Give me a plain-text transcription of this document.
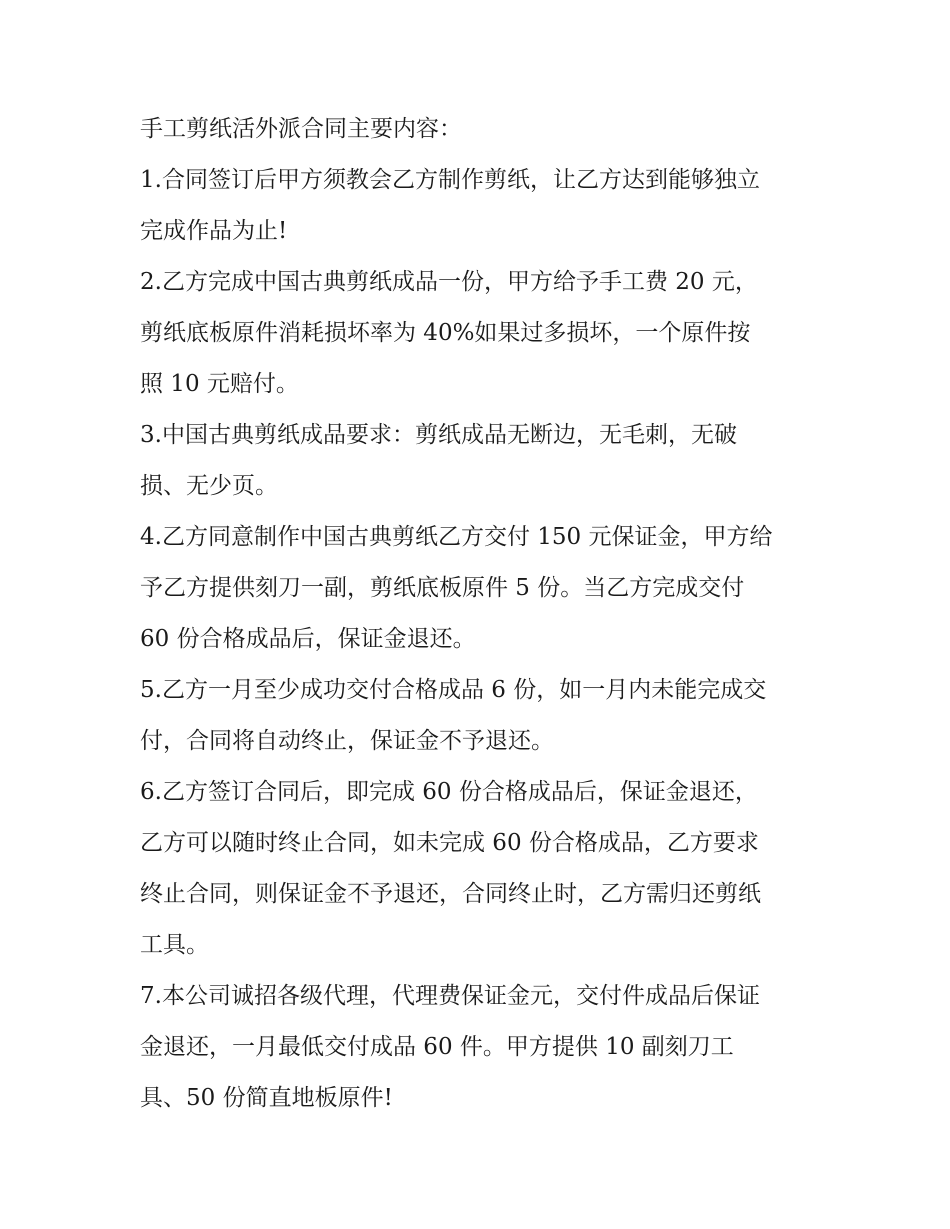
手工剪纸活外派合同主要内容：
1.合同签订后甲方须教会乙方制作剪纸，让乙方达到能够独立
完成作品为止!
2.乙方完成中国古典剪纸成品一份，甲方给予手工费 20 元，
剪纸底板原件消耗损坏率为 40%如果过多损坏，一个原件按
照 10 元赔付。
3.中国古典剪纸成品要求：剪纸成品无断边，无毛刺，无破
损、无少页。
4.乙方同意制作中国古典剪纸乙方交付 150 元保证金，甲方给
予乙方提供刻刀一副，剪纸底板原件 5 份。当乙方完成交付
60 份合格成品后，保证金退还。
5.乙方一月至少成功交付合格成品 6 份，如一月内未能完成交
付，合同将自动终止，保证金不予退还。
6.乙方签订合同后，即完成 60 份合格成品后，保证金退还，
乙方可以随时终止合同，如未完成 60 份合格成品，乙方要求
终止合同，则保证金不予退还，合同终止时，乙方需归还剪纸
工具。
7.本公司诚招各级代理，代理费保证金元，交付件成品后保证
金退还，一月最低交付成品 60 件。甲方提供 10 副刻刀工
具、50 份简直地板原件!
